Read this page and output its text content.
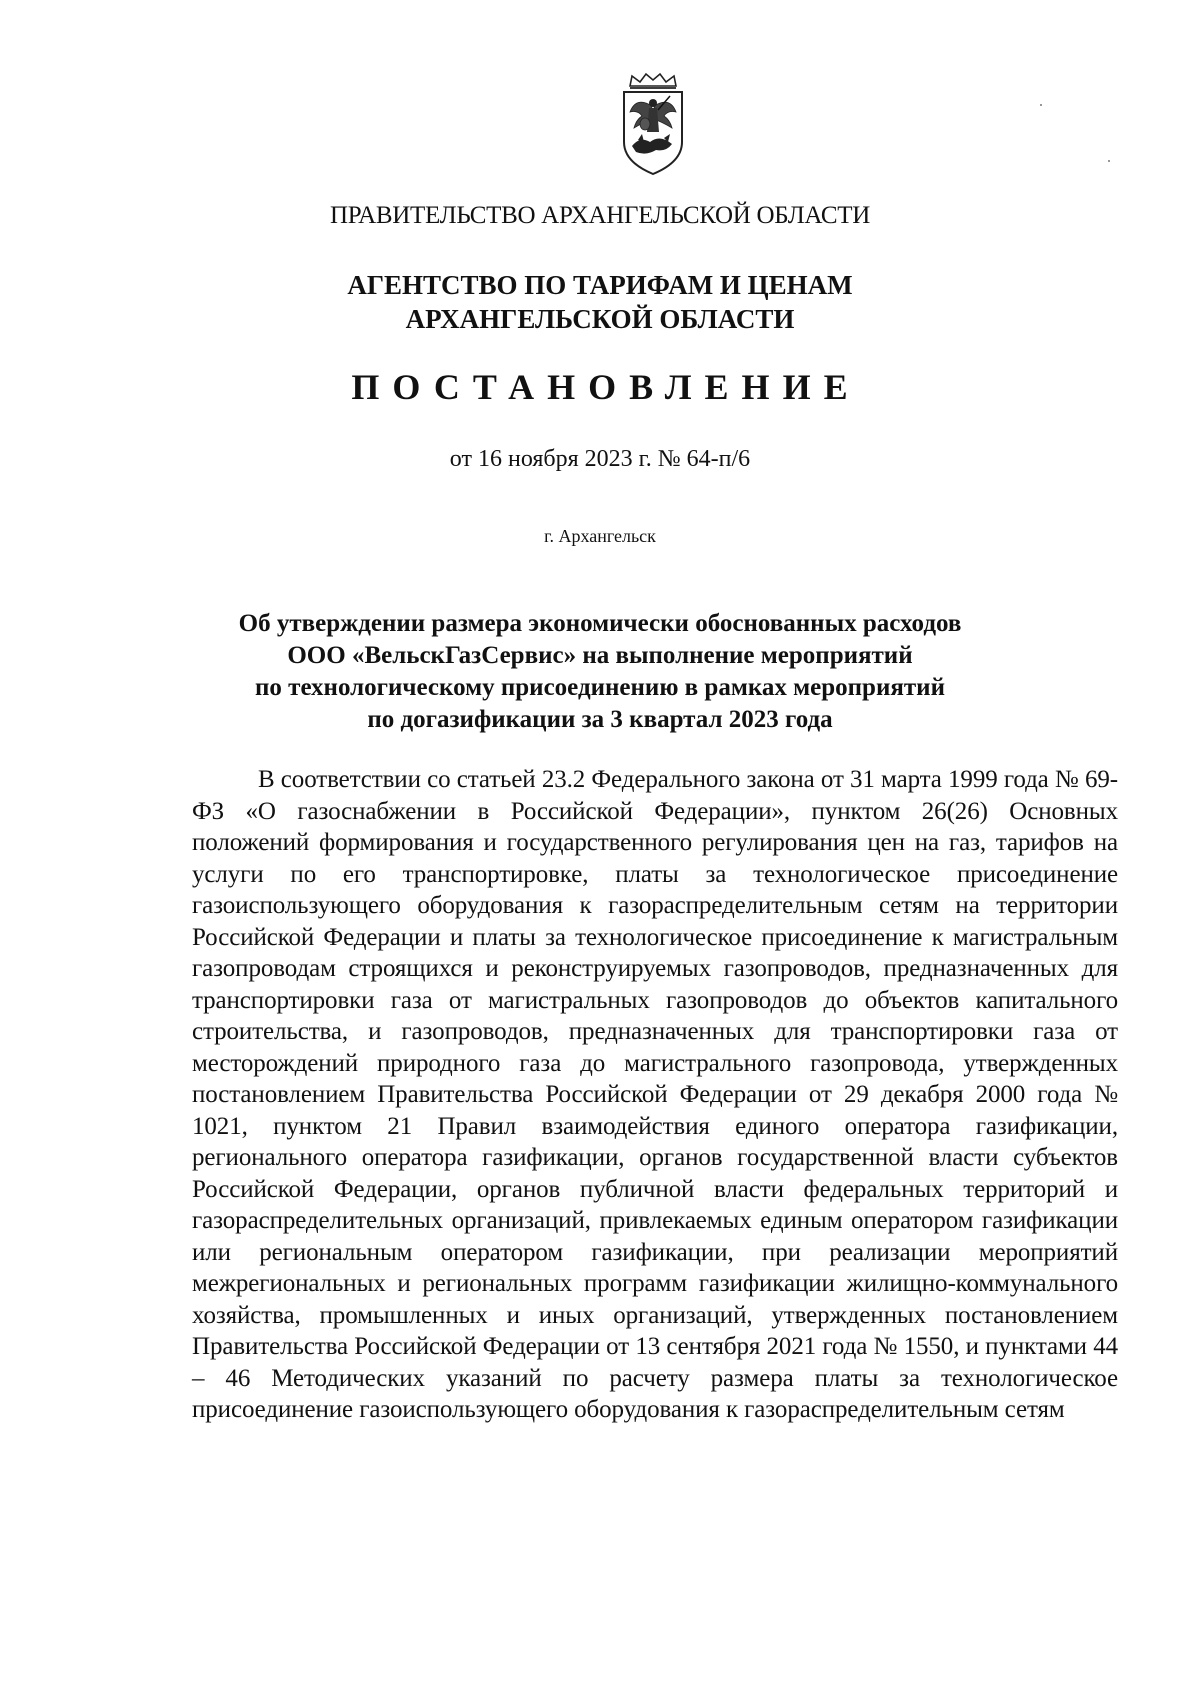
ПРАВИТЕЛЬСТВО АРХАНГЕЛЬСКОЙ ОБЛАСТИ
АГЕНТСТВО ПО ТАРИФАМ И ЦЕНАМ
АРХАНГЕЛЬСКОЙ ОБЛАСТИ
ПОСТАНОВЛЕНИЕ
от 16 ноября 2023 г. № 64-п/6
г. Архангельск
Об утверждении размера экономически обоснованных расходов
ООО «ВельскГазСервис» на выполнение мероприятий
по технологическому присоединению в рамках мероприятий
по догазификации за 3 квартал 2023 года

В соответствии со статьей 23.2 Федерального закона от 31 марта 1999 года № 69-ФЗ «О газоснабжении в Российской Федерации», пунктом 26(26) Основных положений формирования и государственного регулирования цен на газ, тарифов на услуги по его транспортировке, платы за технологическое присоединение газоиспользующего оборудования к газораспределительным сетям на территории Российской Федерации и платы за технологическое присоединение к магистральным газопроводам строящихся и реконструируемых газопроводов, предназначенных для транспортировки газа от магистральных газопроводов до объектов капитального строительства, и газопроводов, предназначенных для транспортировки газа от месторождений природного газа до магистрального газопровода, утвержденных постановлением Правительства Российской Федерации от 29 декабря 2000 года № 1021, пунктом 21 Правил взаимодействия единого оператора газификации, регионального оператора газификации, органов государственной власти субъектов Российской Федерации, органов публичной власти федеральных территорий и газораспределительных организаций, привлекаемых единым оператором газификации или региональным оператором газификации, при реализации мероприятий межрегиональных и региональных программ газификации жилищно-коммунального хозяйства, промышленных и иных организаций, утвержденных постановлением Правительства Российской Федерации от 13 сентября 2021 года № 1550, и пунктами 44 – 46 Методических указаний по расчету размера платы за технологическое присоединение газоиспользующего оборудования к газораспределительным сетям
